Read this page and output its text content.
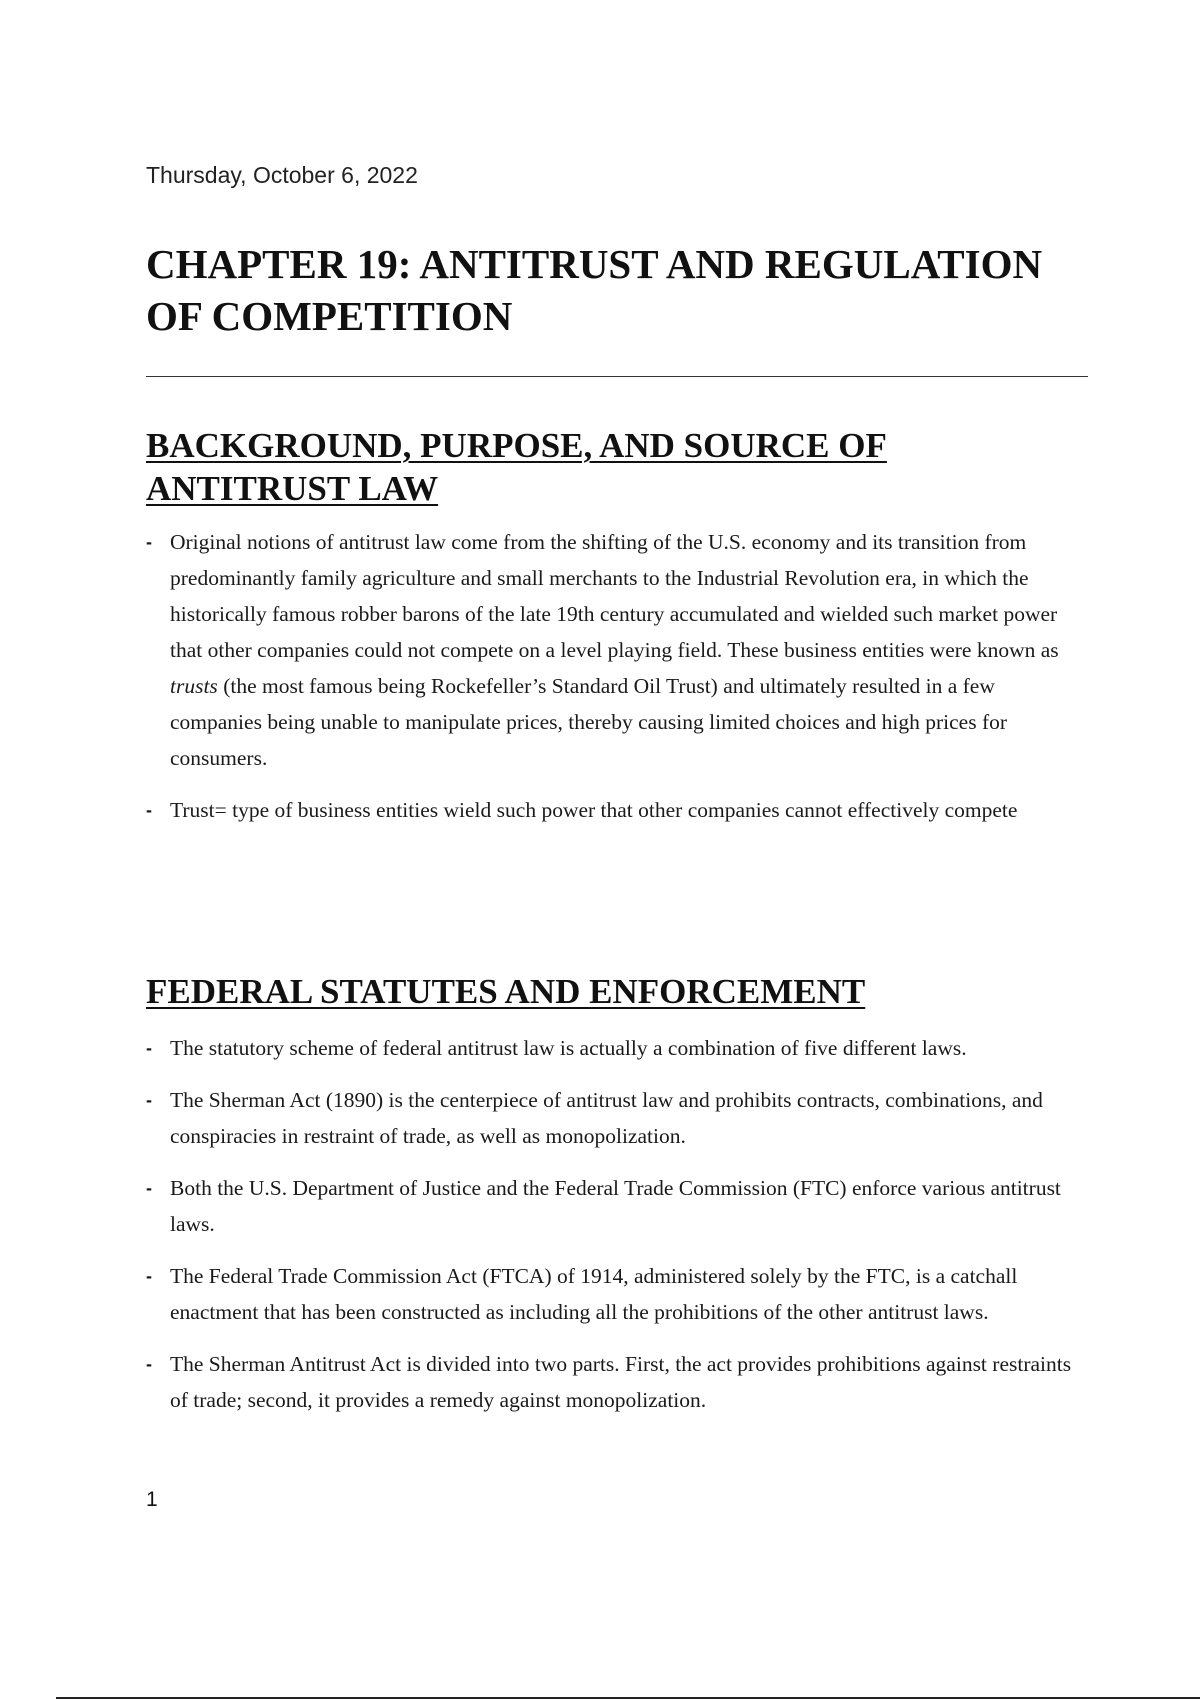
Thursday, October 6, 2022

CHAPTER 19: ANTITRUST AND REGULATION OF COMPETITION
BACKGROUND, PURPOSE, AND SOURCE OF ANTITRUST LAW
- Original notions of antitrust law come from the shifting of the U.S. economy and its transition from predominantly family agriculture and small merchants to the Industrial Revolution era, in which the historically famous robber barons of the late 19th century accumulated and wielded such market power that other companies could not compete on a level playing field. These business entities were known as trusts (the most famous being Rockefeller’s Standard Oil Trust) and ultimately resulted in a few companies being unable to manipulate prices, thereby causing limited choices and high prices for consumers.
- Trust= type of business entities wield such power that other companies cannot effectively compete
FEDERAL STATUTES AND ENFORCEMENT
- The statutory scheme of federal antitrust law is actually a combination of five different laws.
- The Sherman Act (1890) is the centerpiece of antitrust law and prohibits contracts, combinations, and conspiracies in restraint of trade, as well as monopolization.
- Both the U.S. Department of Justice and the Federal Trade Commission (FTC) enforce various antitrust laws.
- The Federal Trade Commission Act (FTCA) of 1914, administered solely by the FTC, is a catchall enactment that has been constructed as including all the prohibitions of the other antitrust laws.
- The Sherman Antitrust Act is divided into two parts. First, the act provides prohibitions against restraints of trade; second, it provides a remedy against monopolization.

1
